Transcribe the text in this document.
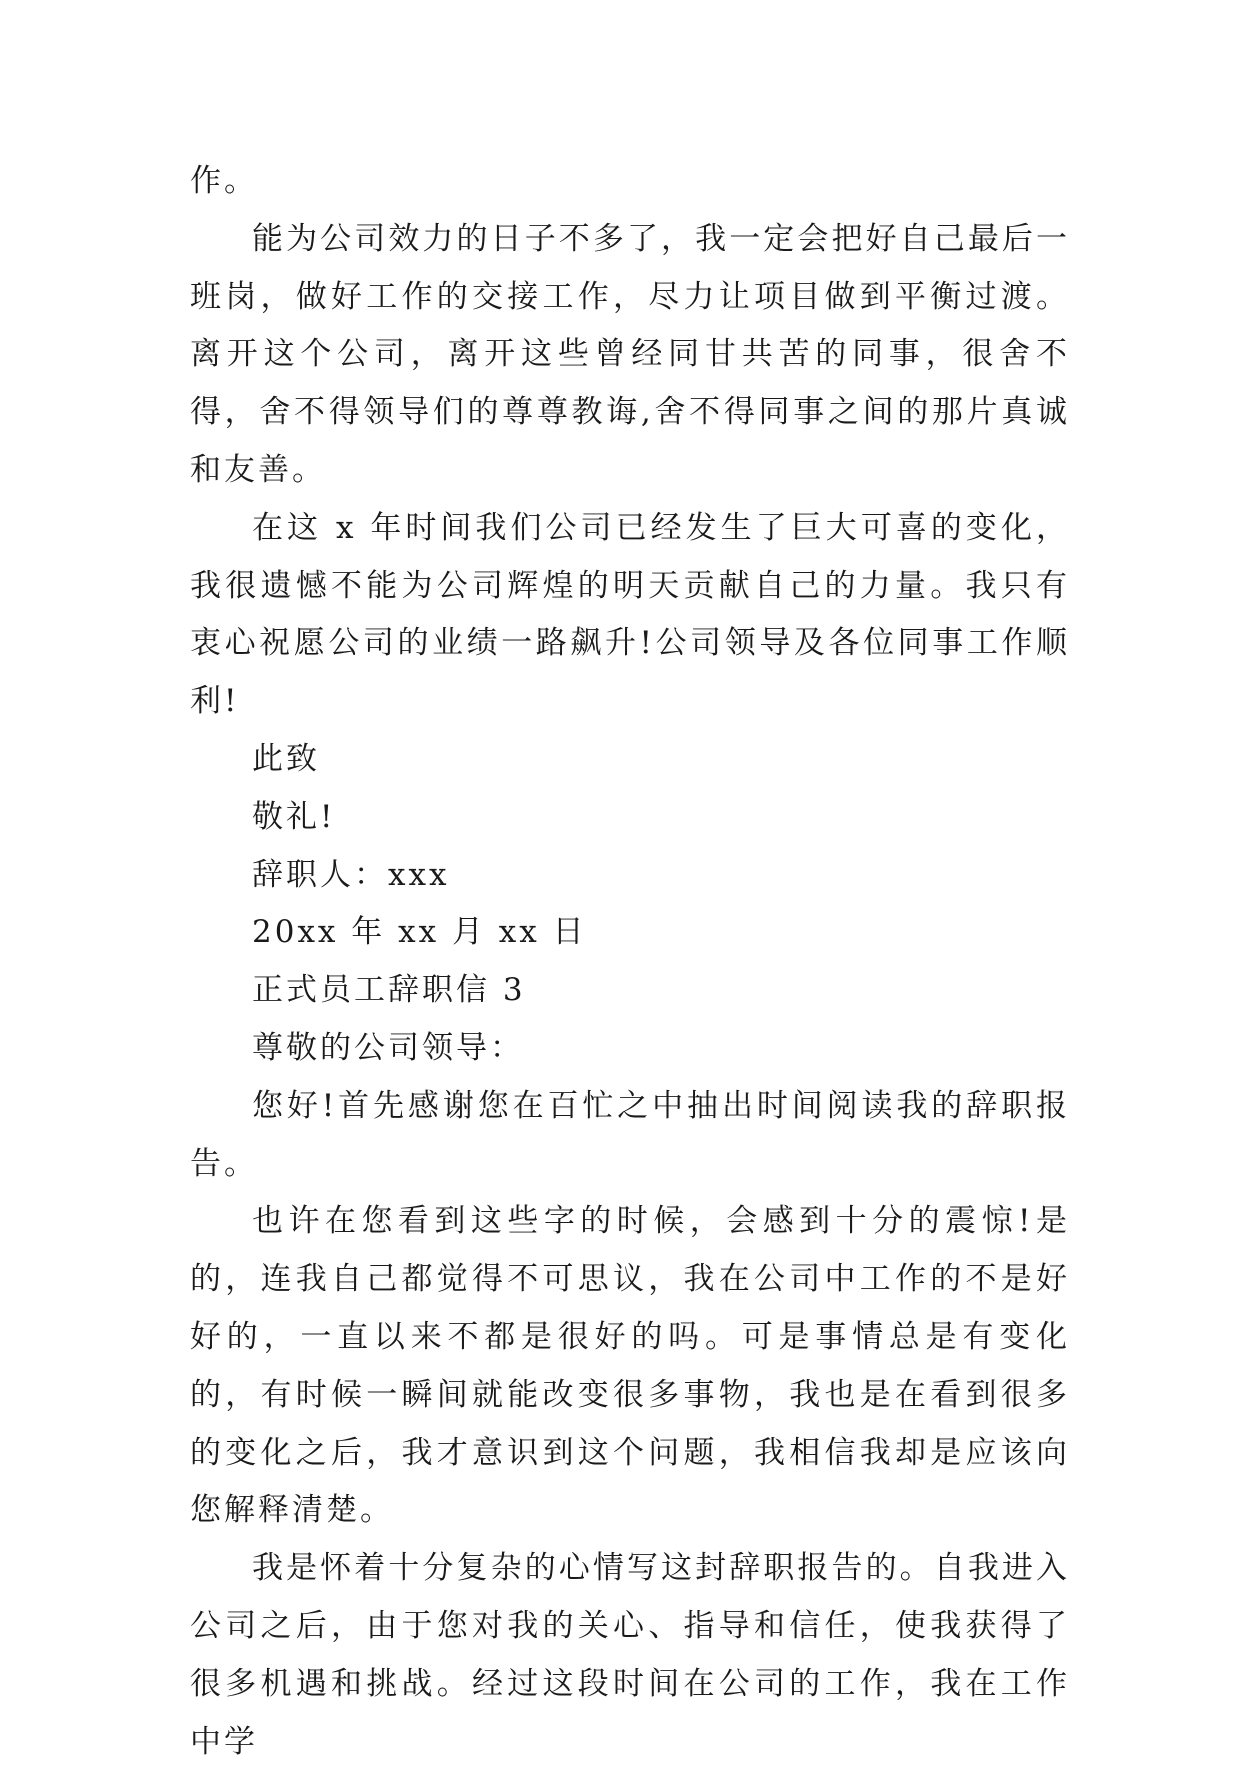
作。

能为公司效力的日子不多了，我一定会把好自己最后一班岗，做好工作的交接工作，尽力让项目做到平衡过渡。离开这个公司，离开这些曾经同甘共苦的同事，很舍不得，舍不得领导们的尊尊教诲,舍不得同事之间的那片真诚和友善。

在这 x 年时间我们公司已经发生了巨大可喜的变化，我很遗憾不能为公司辉煌的明天贡献自己的力量。我只有衷心祝愿公司的业绩一路飙升!公司领导及各位同事工作顺利!

此致

敬礼!

辞职人：xxx

20xx 年 xx 月 xx 日

正式员工辞职信 3

尊敬的公司领导：

您好!首先感谢您在百忙之中抽出时间阅读我的辞职报告。

也许在您看到这些字的时候，会感到十分的震惊!是的，连我自己都觉得不可思议，我在公司中工作的不是好好的，一直以来不都是很好的吗。可是事情总是有变化的，有时候一瞬间就能改变很多事物，我也是在看到很多的变化之后，我才意识到这个问题，我相信我却是应该向您解释清楚。

我是怀着十分复杂的心情写这封辞职报告的。自我进入公司之后，由于您对我的关心、指导和信任，使我获得了很多机遇和挑战。经过这段时间在公司的工作，我在工作中学
